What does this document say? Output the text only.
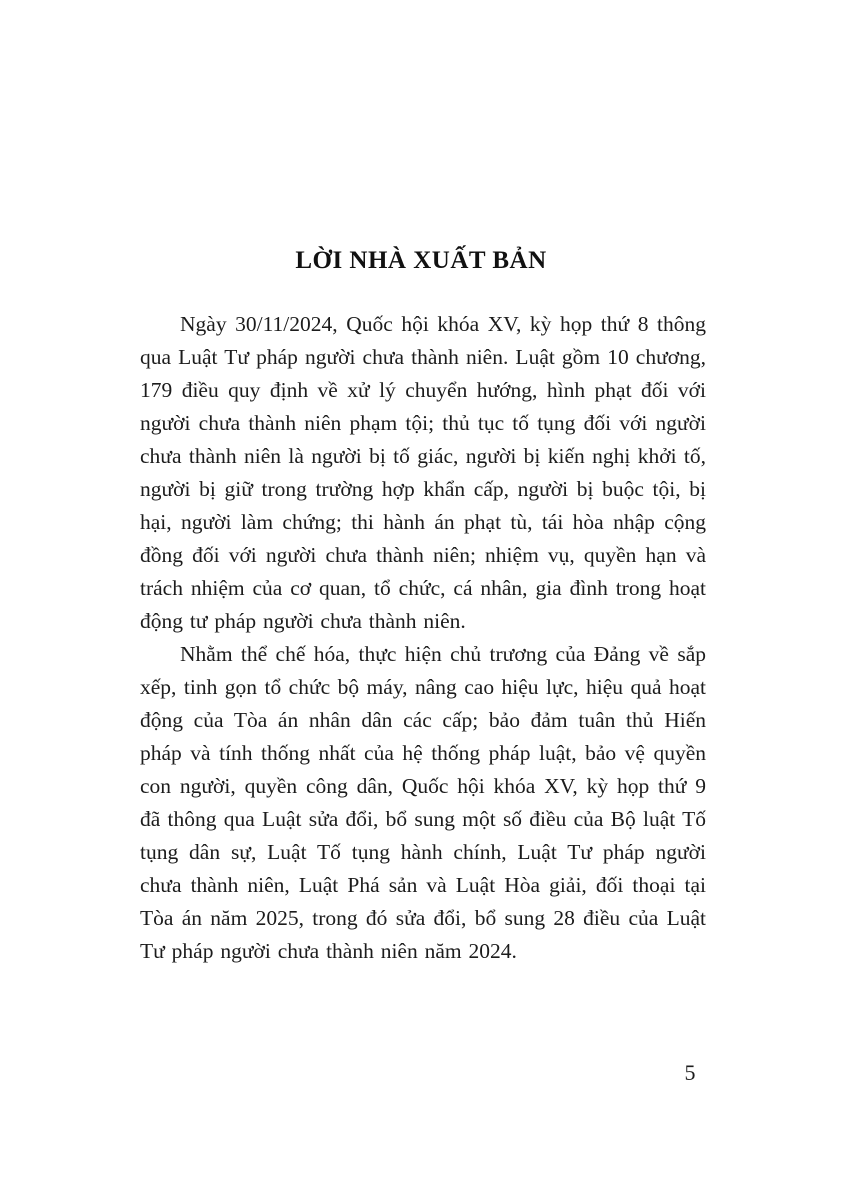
LỜI NHÀ XUẤT BẢN

Ngày 30/11/2024, Quốc hội khóa XV, kỳ họp thứ 8 thông qua Luật Tư pháp người chưa thành niên. Luật gồm 10 chương, 179 điều quy định về xử lý chuyển hướng, hình phạt đối với người chưa thành niên phạm tội; thủ tục tố tụng đối với người chưa thành niên là người bị tố giác, người bị kiến nghị khởi tố, người bị giữ trong trường hợp khẩn cấp, người bị buộc tội, bị hại, người làm chứng; thi hành án phạt tù, tái hòa nhập cộng đồng đối với người chưa thành niên; nhiệm vụ, quyền hạn và trách nhiệm của cơ quan, tổ chức, cá nhân, gia đình trong hoạt động tư pháp người chưa thành niên.

Nhằm thể chế hóa, thực hiện chủ trương của Đảng về sắp xếp, tinh gọn tổ chức bộ máy, nâng cao hiệu lực, hiệu quả hoạt động của Tòa án nhân dân các cấp; bảo đảm tuân thủ Hiến pháp và tính thống nhất của hệ thống pháp luật, bảo vệ quyền con người, quyền công dân, Quốc hội khóa XV, kỳ họp thứ 9 đã thông qua Luật sửa đổi, bổ sung một số điều của Bộ luật Tố tụng dân sự, Luật Tố tụng hành chính, Luật Tư pháp người chưa thành niên, Luật Phá sản và Luật Hòa giải, đối thoại tại Tòa án năm 2025, trong đó sửa đổi, bổ sung 28 điều của Luật Tư pháp người chưa thành niên năm 2024.

5
